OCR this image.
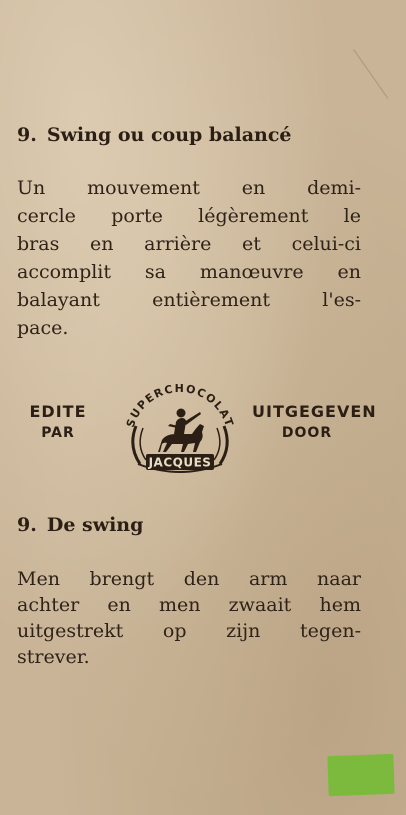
9. Swing ou coup balancé

Un mouvement en demi-
cercle porte légèrement le
bras en arrière et celui-ci
accomplit sa manœuvre en
balayant entièrement l'es-
pace.

EDITE
PAR
SUPERCHOCOLAT
JACQUES
UITGEGEVEN
DOOR
9. De swing

Men brengt den arm naar
achter en men zwaait hem
uitgestrekt op zijn tegen-
strever.
